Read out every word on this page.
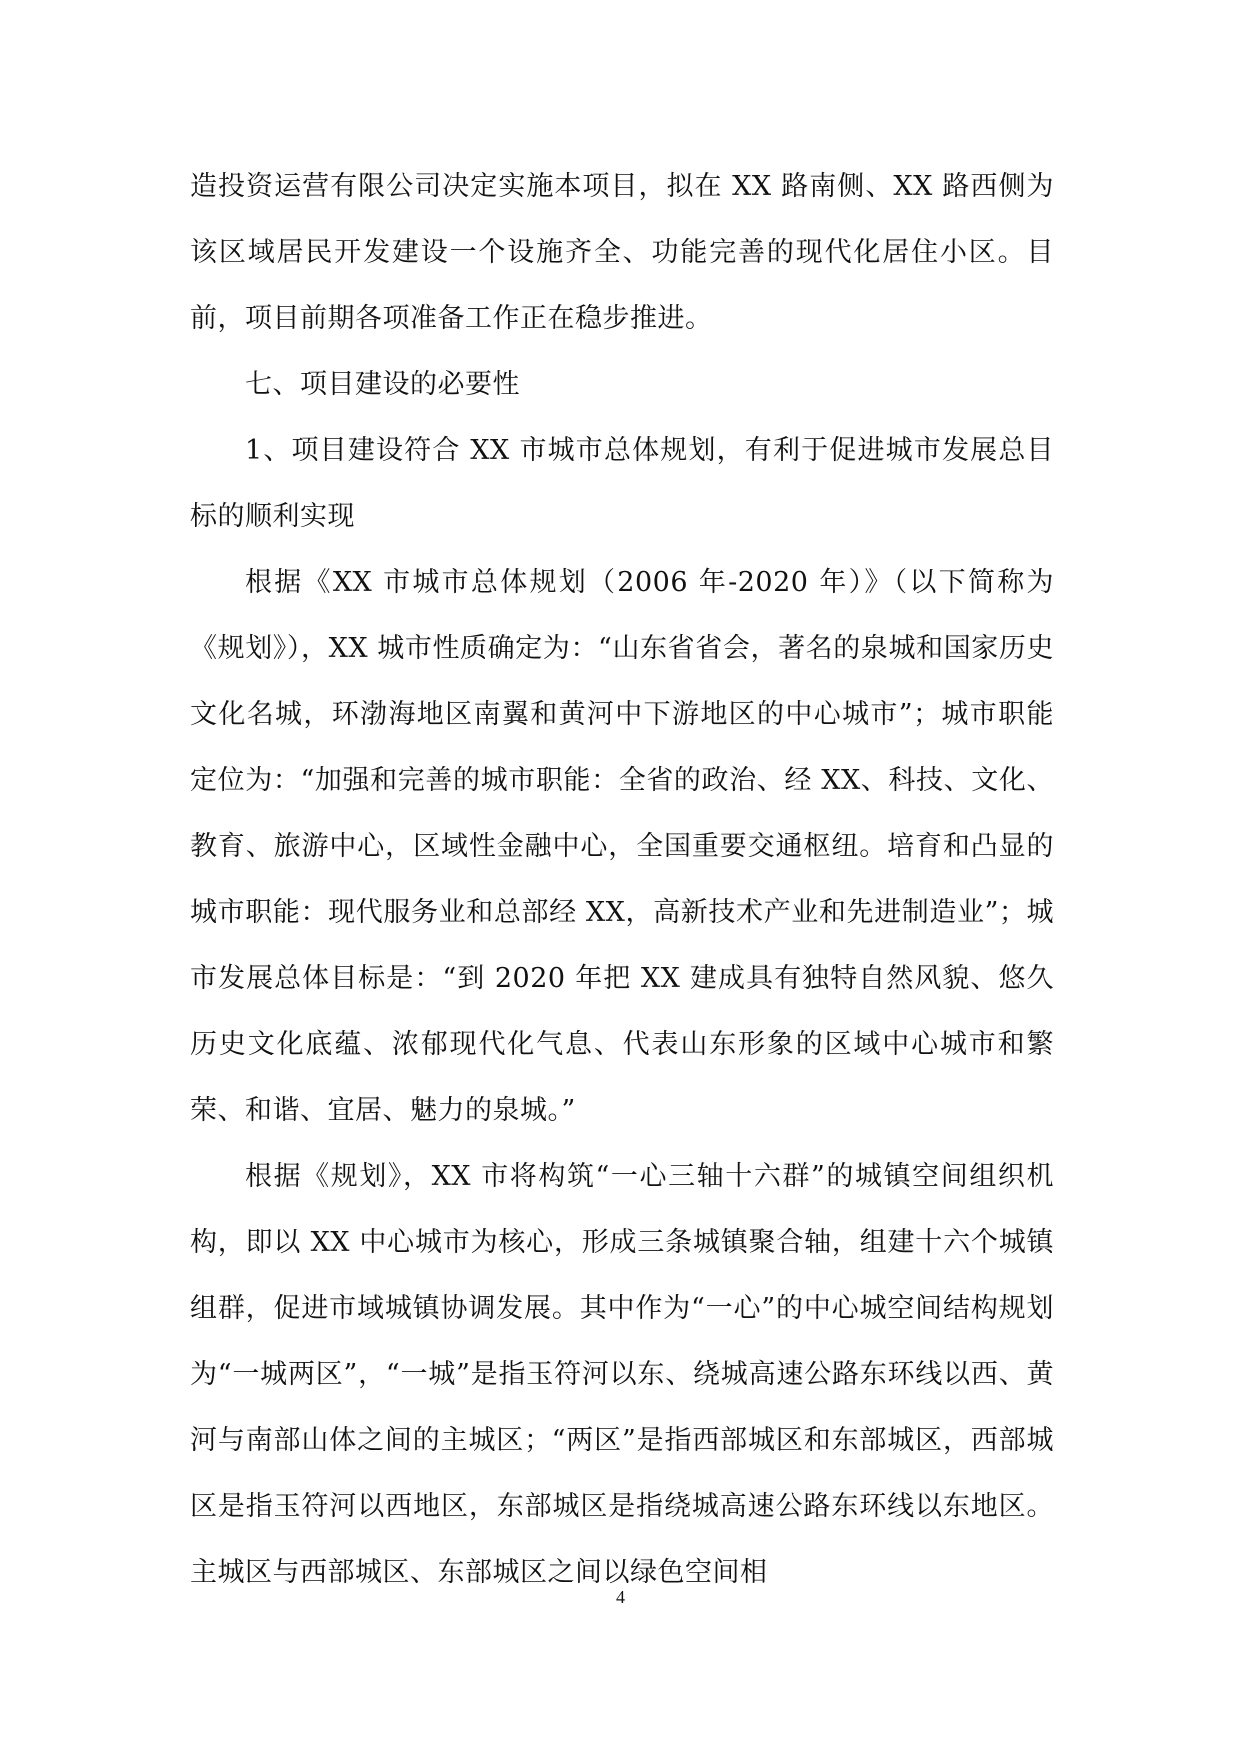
造投资运营有限公司决定实施本项目，拟在 XX 路南侧、XX 路西侧为该区域居民开发建设一个设施齐全、功能完善的现代化居住小区。目前，项目前期各项准备工作正在稳步推进。

七、项目建设的必要性

1、项目建设符合 XX 市城市总体规划，有利于促进城市发展总目标的顺利实现

根据《XX 市城市总体规划（2006 年-2020 年）》（以下简称为《规划》），XX 城市性质确定为：“山东省省会，著名的泉城和国家历史文化名城，环渤海地区南翼和黄河中下游地区的中心城市”；城市职能定位为：“加强和完善的城市职能：全省的政治、经 XX、科技、文化、教育、旅游中心，区域性金融中心，全国重要交通枢纽。培育和凸显的城市职能：现代服务业和总部经 XX，高新技术产业和先进制造业”；城市发展总体目标是：“到 2020 年把 XX 建成具有独特自然风貌、悠久历史文化底蕴、浓郁现代化气息、代表山东形象的区域中心城市和繁荣、和谐、宜居、魅力的泉城。”

根据《规划》，XX 市将构筑“一心三轴十六群”的城镇空间组织机构，即以 XX 中心城市为核心，形成三条城镇聚合轴，组建十六个城镇组群，促进市域城镇协调发展。其中作为“一心”的中心城空间结构规划为“一城两区”，“一城”是指玉符河以东、绕城高速公路东环线以西、黄河与南部山体之间的主城区；“两区”是指西部城区和东部城区，西部城区是指玉符河以西地区，东部城区是指绕城高速公路东环线以东地区。主城区与西部城区、东部城区之间以绿色空间相

4
